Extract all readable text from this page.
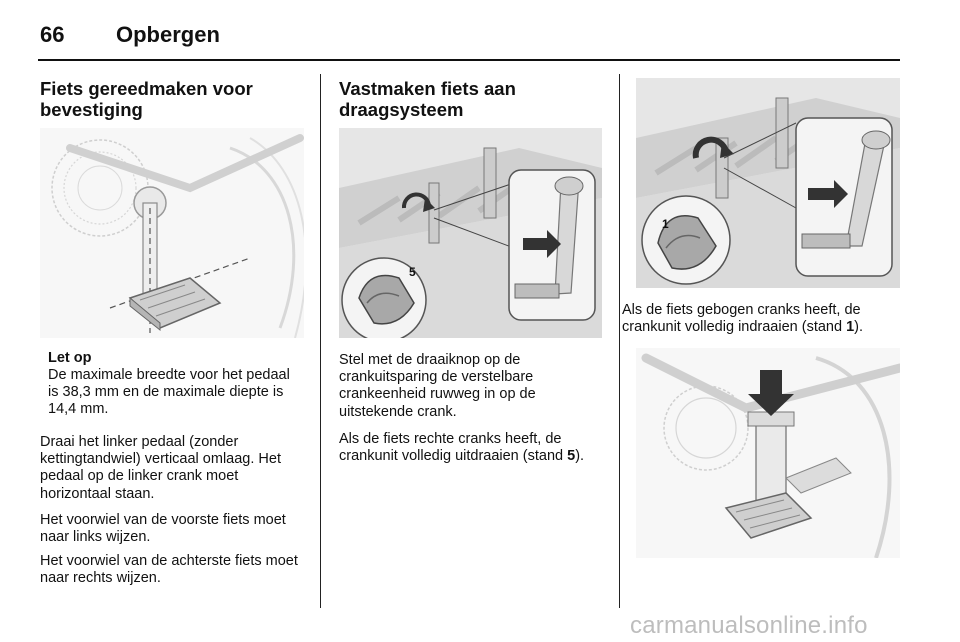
66 Opbergen
Fiets gereedmaken voor bevestiging
Let op

De maximale breedte voor het pedaal is 38,3 mm en de maximale diepte is 14,4 mm.

Draai het linker pedaal (zonder kettingtandwiel) verticaal omlaag. Het pedaal op de linker crank moet horizontaal staan.

Het voorwiel van de voorste fiets moet naar links wijzen.

Het voorwiel van de achterste fiets moet naar rechts wijzen.

Vastmaken fiets aan draagsysteem
5

Stel met de draaiknop op de crankuitsparing de verstelbare crankeenheid ruwweg in op de uitstekende crank.

Als de fiets rechte cranks heeft, de crankunit volledig uitdraaien (stand 5).

1

Als de fiets gebogen cranks heeft, de crankunit volledig indraaien (stand 1).

carmanualsonline.info
